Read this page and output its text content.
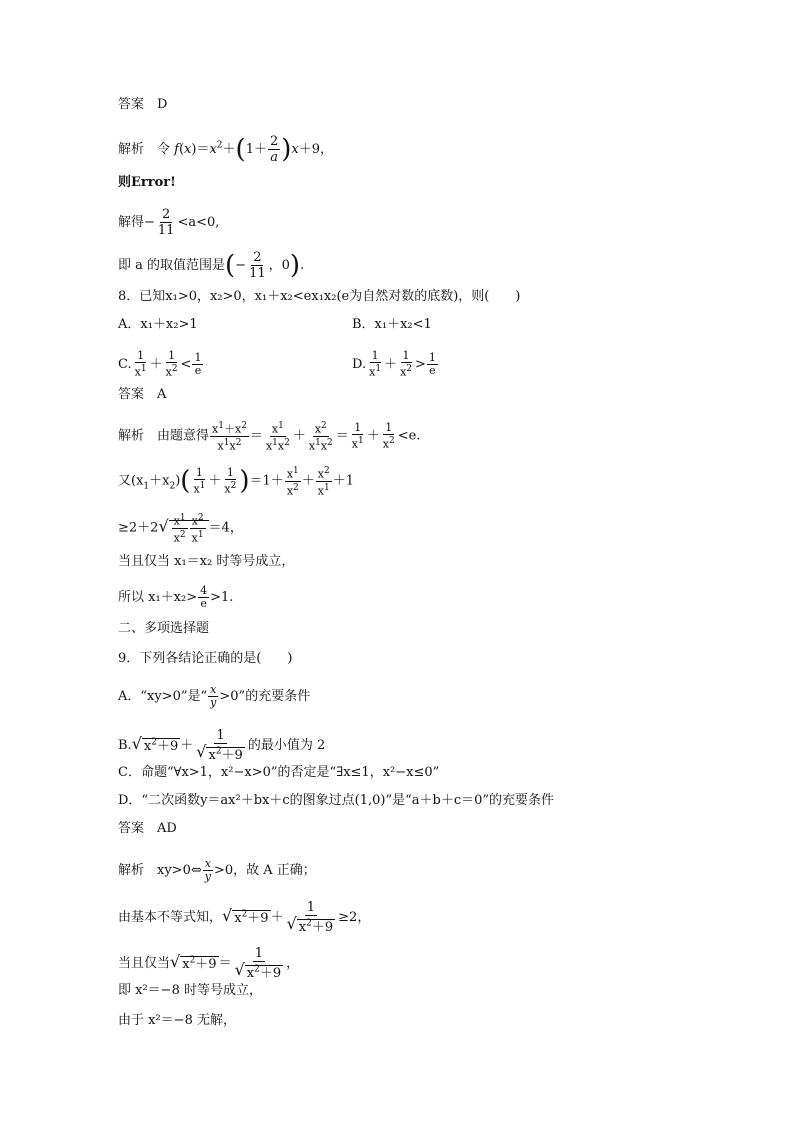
答案　D
解析　令 $f(x)=x^2+(1+ \frac{2}{a} )x+9$，
则Error!
解得− $\frac{2}{11} <a<0$,
即 a 的取值范围是(− $\frac{2}{11}$ ，0).
8．已知x₁>0，x₂>0，x₁＋x₂<ex₁x₂(e为自然对数的底数)，则(　　)
A．x₁＋x₂>1	B．x₁＋x₂<1
C. $\frac{1}{x^1} + \frac{1}{x^2} < \frac{1}{e}$	D. $\frac{1}{x^1} + \frac{1}{x^2} > \frac{1}{e}$
答案　A
解析　由题意得 $\frac{x^1+x^2}{x^1x^2} = \frac{x^1}{x^1x^2} + \frac{x^2}{x^1x^2} = \frac{1}{x^1} + \frac{1}{x^2} <e$.
又$(x_1+x_2)( \frac{1}{x^1} + \frac{1}{x^2} )=1+ \frac{x^1}{x^2} + \frac{x^2}{x^1} +1$
$\ge 2+2√ \frac{x^1}{x^2} \frac{x^2}{x^1} =4$，
当且仅当 x₁＝x₂ 时等号成立，
所以 $x_1+x_2> \frac{4}{e} >1$.
二、多项选择题
9．下列各结论正确的是(　　)
A．“xy>0”是“ $\frac{x}{y} >0$”的充要条件
B.√ $x^2+9 + \frac{1}{√ x^2+9}$ 的最小值为 2
C．命题“∀x>1，x²−x>0”的否定是“∃x≤1，x²−x≤0”
D．“二次函数y＝ax²＋bx＋c的图象过点(1,0)”是“a＋b＋c＝0”的充要条件
答案　AD
解析　xy>0⇔ $\frac{x}{y} >0$，故 A 正确；
由基本不等式知，√ $x^2+9 + \frac{1}{√ x^2+9} \ge 2$，
当且仅当√ $x^2+9 = \frac{1}{√ x^2+9}$ ，
即 x²＝−8 时等号成立，
由于 x²＝−8 无解，
